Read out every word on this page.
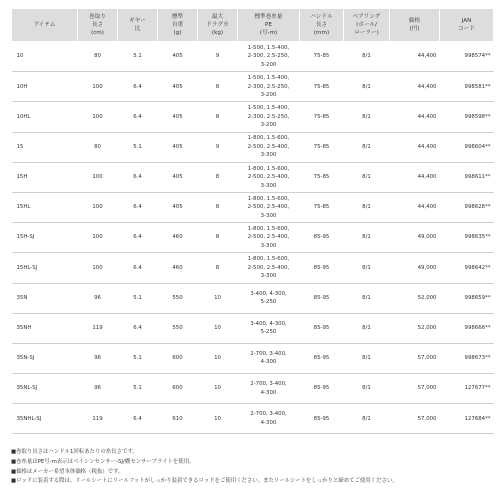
アイテム	巻取り
長さ
(cm)	ギヤー
比	標準
自重
(g)	最大
ドラグカ
(kg)	標準巻糸量
PE
(号-m)	ハンドル
長さ
(mm)	ベアリング
(ボール/
ローラー)	価格
(円)	JAN
コード
10	80	5.1	405	9	1-500, 1.5-400,
2-300, 2.5-250,
3-200	75-85	8/1	44,400	998574**
10H	100	6.4	405	8	1-500, 1.5-400,
2-300, 2.5-250,
3-200	75-85	8/1	44,400	998581**
10HL	100	6.4	405	8	1-500, 1.5-400,
2-300, 2.5-250,
3-200	75-85	8/1	44,400	998598**
15	80	5.1	405	9	1-800, 1.5-600,
2-500, 2.5-400,
3-300	75-85	8/1	44,400	998604**
15H	100	6.4	405	8	1-800, 1.5-600,
2-500, 2.5-400,
3-300	75-85	8/1	44,400	998611**
15HL	100	6.4	405	8	1-800, 1.5-600,
2-500, 2.5-400,
3-300	75-85	8/1	44,400	998628**
15H-SJ	100	6.4	460	8	1-800, 1.5-600,
2-500, 2.5-400,
3-300	85-95	8/1	49,000	998635**
15HL-SJ	100	6.4	460	8	1-800, 1.5-600,
2-500, 2.5-400,
3-300	85-95	8/1	49,000	998642**
35N	96	5.1	550	10	3-400, 4-300,
5-250	85-95	8/1	52,000	998659**
35NH	119	6.4	550	10	3-400, 4-300,
5-250	85-95	8/1	52,000	998666**
35N-SJ	96	5.1	600	10	2-700, 3-400,
4-300	85-95	8/1	57,000	998673**
35NL-SJ	96	5.1	600	10	2-700, 3-400,
4-300	85-95	8/1	57,000	127677**
35NHL-SJ	119	6.4	610	10	2-700, 3-400,
4-300	85-95	8/1	57,000	127684**
■巻取り長さはハンドル1回転あたりの糸長さです。
■巻糸量はPE号-m表示はベイシンセンサー-SJ/棚センサーブライトを使用。
■価格はメーカー希望本体価格（税抜）です。
■ロッドに装着する際は、リールシートにリールフットがしっかり装着できるロッドをご使用ください。またリールシートをしっかりと締めてご使用ください。
